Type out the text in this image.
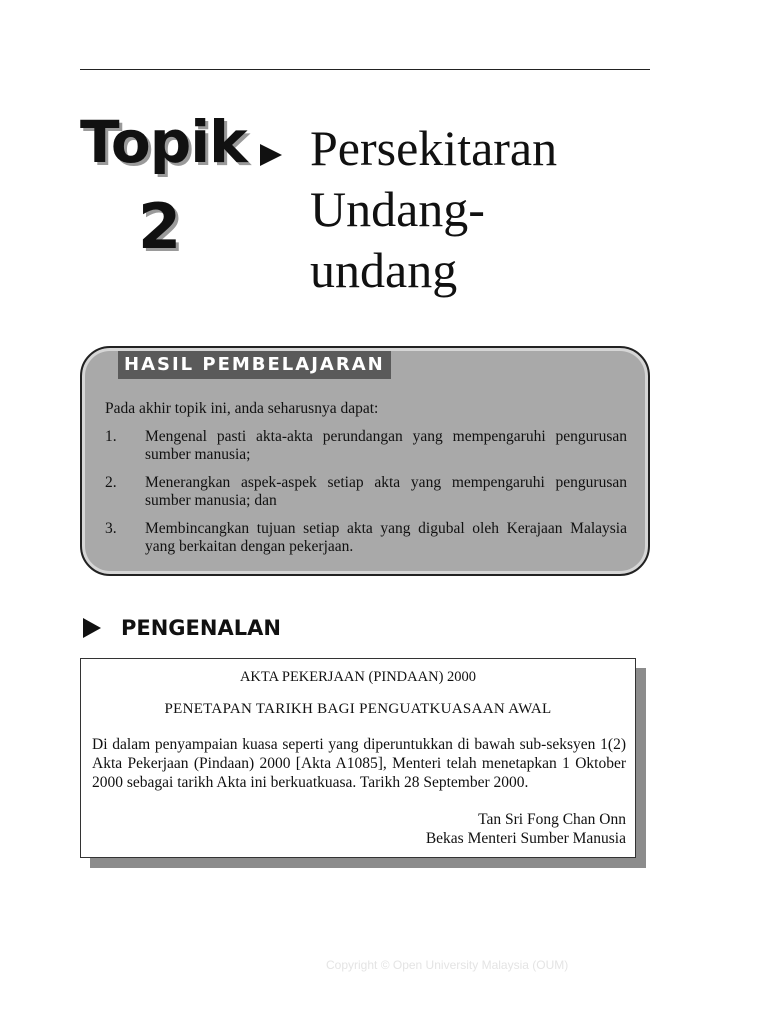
Topik
2
Persekitaran
Undang-
undang
HASIL PEMBELAJARAN
Pada akhir topik ini, anda seharusnya dapat:
1. Mengenal pasti akta-akta perundangan yang mempengaruhi pengurusan sumber manusia;
2. Menerangkan aspek-aspek setiap akta yang mempengaruhi pengurusan sumber manusia; dan
3. Membincangkan tujuan setiap akta yang digubal oleh Kerajaan Malaysia yang berkaitan dengan pekerjaan.
PENGENALAN
AKTA PEKERJAAN (PINDAAN) 2000
PENETAPAN TARIKH BAGI PENGUATKUASAAN AWAL
Di dalam penyampaian kuasa seperti yang diperuntukkan di bawah sub-seksyen 1(2) Akta Pekerjaan (Pindaan) 2000 [Akta A1085], Menteri telah menetapkan 1 Oktober 2000 sebagai tarikh Akta ini berkuatkuasa. Tarikh 28 September 2000.
Tan Sri Fong Chan Onn
Bekas Menteri Sumber Manusia
Copyright © Open University Malaysia (OUM)
